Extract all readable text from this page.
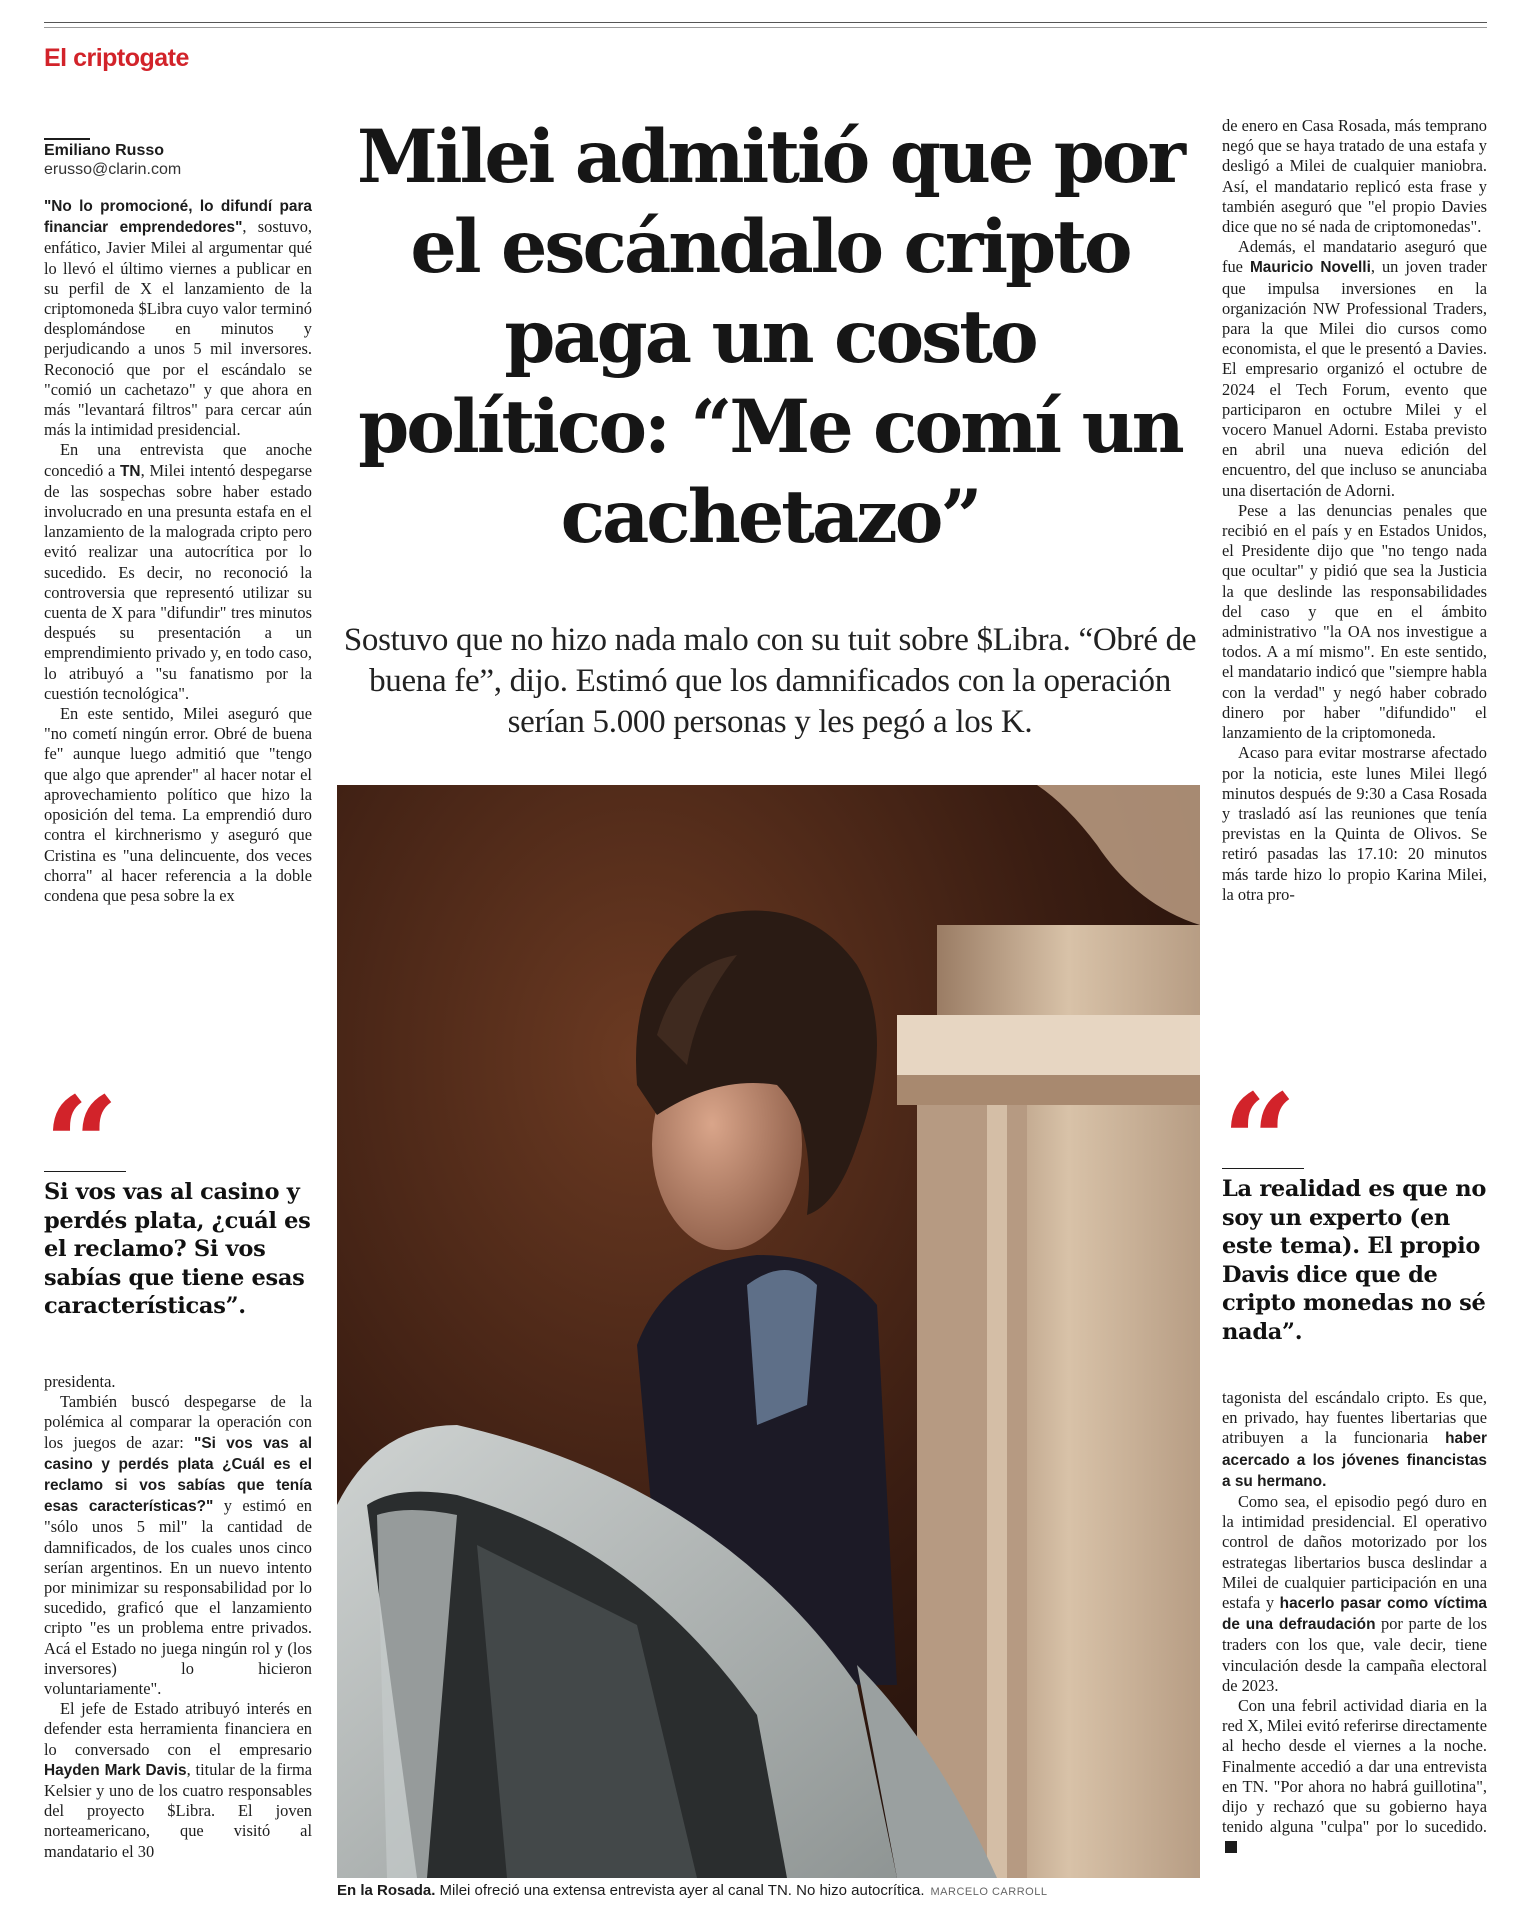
El criptogate
Emiliano Russo
erusso@clarin.com

"No lo promocioné, lo difundí para financiar emprendedores", sostuvo, enfático, Javier Milei al argumentar qué lo llevó el último viernes a publicar en su perfil de X el lanzamiento de la criptomoneda $Libra cuyo valor terminó desplomándose en minutos y perjudicando a unos 5 mil inversores. Reconoció que por el escándalo se "comió un cachetazo" y que ahora en más "levantará filtros" para cercar aún más la intimidad presidencial.

En una entrevista que anoche concedió a TN, Milei intentó despegarse de las sospechas sobre haber estado involucrado en una presunta estafa en el lanzamiento de la malograda cripto pero evitó realizar una autocrítica por lo sucedido. Es decir, no reconoció la controversia que representó utilizar su cuenta de X para "difundir" tres minutos después su presentación a un emprendimiento privado y, en todo caso, lo atribuyó a "su fanatismo por la cuestión tecnológica".

En este sentido, Milei aseguró que "no cometí ningún error. Obré de buena fe" aunque luego admitió que "tengo que algo que aprender" al hacer notar el aprovechamiento político que hizo la oposición del tema. La emprendió duro contra el kirchnerismo y aseguró que Cristina es "una delincuente, dos veces chorra" al hacer referencia a la doble condena que pesa sobre la ex

“
Si vos vas al casino y perdés plata, ¿cuál es el reclamo? Si vos sabías que tiene esas características”.

presidenta.

También buscó despegarse de la polémica al comparar la operación con los juegos de azar: "Si vos vas al casino y perdés plata ¿Cuál es el reclamo si vos sabías que tenía esas características?" y estimó en "sólo unos 5 mil" la cantidad de damnificados, de los cuales unos cinco serían argentinos. En un nuevo intento por minimizar su responsabilidad por lo sucedido, graficó que el lanzamiento cripto "es un problema entre privados. Acá el Estado no juega ningún rol y (los inversores) lo hicieron voluntariamente".

El jefe de Estado atribuyó interés en defender esta herramienta financiera en lo conversado con el empresario Hayden Mark Davis, titular de la firma Kelsier y uno de los cuatro responsables del proyecto $Libra. El joven norteamericano, que visitó al mandatario el 30

Milei admitió que por el escándalo cripto paga un costo político: “Me comí un cachetazo”
Sostuvo que no hizo nada malo con su tuit sobre $Libra. “Obré de buena fe”, dijo. Estimó que los damnificados con la operación serían 5.000 personas y les pegó a los K.
En la Rosada. Milei ofreció una extensa entrevista ayer al canal TN. No hizo autocrítica. MARCELO CARROLL

de enero en Casa Rosada, más temprano negó que se haya tratado de una estafa y desligó a Milei de cualquier maniobra. Así, el mandatario replicó esta frase y también aseguró que "el propio Davies dice que no sé nada de criptomonedas".

Además, el mandatario aseguró que fue Mauricio Novelli, un joven trader que impulsa inversiones en la organización NW Professional Traders, para la que Milei dio cursos como economista, el que le presentó a Davies. El empresario organizó el octubre de 2024 el Tech Forum, evento que participaron en octubre Milei y el vocero Manuel Adorni. Estaba previsto en abril una nueva edición del encuentro, del que incluso se anunciaba una disertación de Adorni.

Pese a las denuncias penales que recibió en el país y en Estados Unidos, el Presidente dijo que "no tengo nada que ocultar" y pidió que sea la Justicia la que deslinde las responsabilidades del caso y que en el ámbito administrativo "la OA nos investigue a todos. A a mí mismo". En este sentido, el mandatario indicó que "siempre habla con la verdad" y negó haber cobrado dinero por haber "difundido" el lanzamiento de la criptomoneda.

Acaso para evitar mostrarse afectado por la noticia, este lunes Milei llegó minutos después de 9:30 a Casa Rosada y trasladó así las reuniones que tenía previstas en la Quinta de Olivos. Se retiró pasadas las 17.10: 20 minutos más tarde hizo lo propio Karina Milei, la otra pro-

“
La realidad es que no soy un experto (en este tema). El propio Davis dice que de cripto monedas no sé nada”.

tagonista del escándalo cripto. Es que, en privado, hay fuentes libertarias que atribuyen a la funcionaria haber acercado a los jóvenes financistas a su hermano.

Como sea, el episodio pegó duro en la intimidad presidencial. El operativo control de daños motorizado por los estrategas libertarios busca deslindar a Milei de cualquier participación en una estafa y hacerlo pasar como víctima de una defraudación por parte de los traders con los que, vale decir, tiene vinculación desde la campaña electoral de 2023.

Con una febril actividad diaria en la red X, Milei evitó referirse directamente al hecho desde el viernes a la noche. Finalmente accedió a dar una entrevista en TN. "Por ahora no habrá guillotina", dijo y rechazó que su gobierno haya tenido alguna "culpa" por lo sucedido.
